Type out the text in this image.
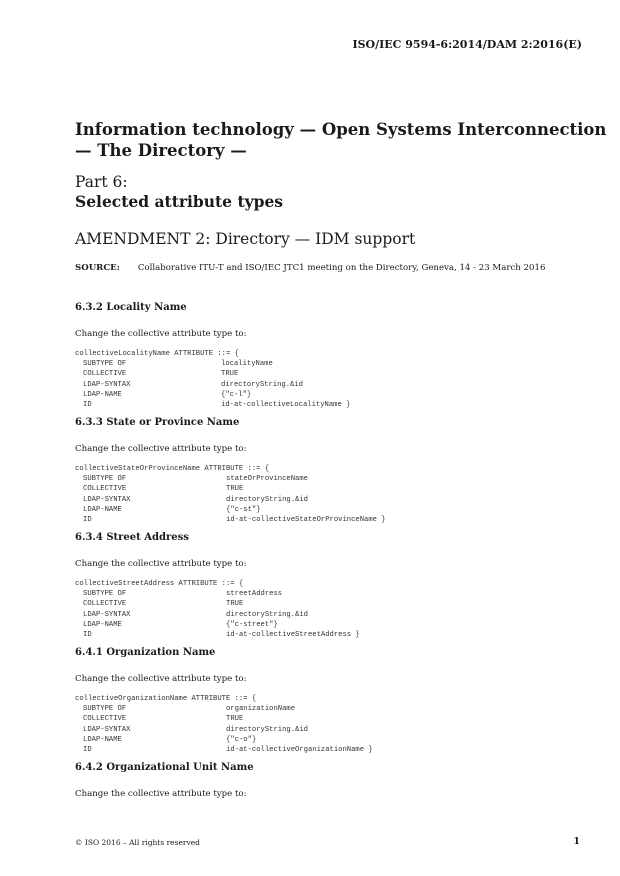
ISO/IEC 9594-6:2014/DAM 2:2016(E)
Information technology — Open Systems Interconnection
— The Directory —
Part 6:
Selected attribute types
AMENDMENT 2: Directory — IDM support
SOURCE: Collaborative ITU-T and ISO/IEC JTC1 meeting on the Directory, Geneva, 14 - 23 March 2016
6.3.2 Locality Name
Change the collective attribute type to:
collectiveLocalityName ATTRIBUTE ::= {
SUBTYPE OF	localityName
COLLECTIVE	TRUE
LDAP-SYNTAX	directoryString.&id
LDAP-NAME	{"c-l"}
ID	id-at-collectiveLocalityName }
6.3.3 State or Province Name
Change the collective attribute type to:
collectiveStateOrProvinceName ATTRIBUTE ::= {
SUBTYPE OF	stateOrProvinceName
COLLECTIVE	TRUE
LDAP-SYNTAX	directoryString.&id
LDAP-NAME	{"c-st"}
ID	id-at-collectiveStateOrProvinceName }
6.3.4 Street Address
Change the collective attribute type to:
collectiveStreetAddress ATTRIBUTE ::= {
SUBTYPE OF	streetAddress
COLLECTIVE	TRUE
LDAP-SYNTAX	directoryString.&id
LDAP-NAME	{"c-street"}
ID	id-at-collectiveStreetAddress }
6.4.1 Organization Name
Change the collective attribute type to:
collectiveOrganizationName ATTRIBUTE ::= {
SUBTYPE OF	organizationName
COLLECTIVE	TRUE
LDAP-SYNTAX	directoryString.&id
LDAP-NAME	{"c-o"}
ID	id-at-collectiveOrganizationName }
6.4.2 Organizational Unit Name
Change the collective attribute type to:
© ISO 2016 – All rights reserved	1
